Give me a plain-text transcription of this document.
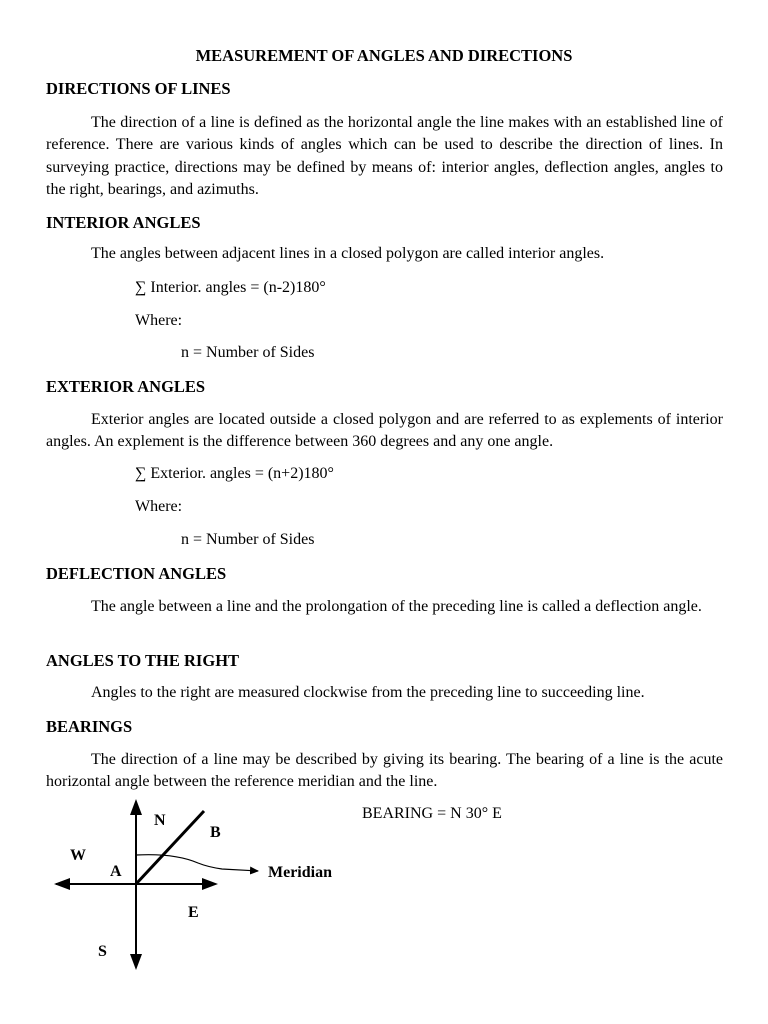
MEASUREMENT OF ANGLES AND DIRECTIONS
DIRECTIONS OF LINES

The direction of a line is defined as the horizontal angle the line makes with an established line of reference. There are various kinds of angles which can be used to describe the direction of lines. In surveying practice, directions may be defined by means of: interior angles, deflection angles, angles to the right, bearings, and azimuths.

INTERIOR ANGLES
The angles between adjacent lines in a closed polygon are called interior angles.
∑ Interior. angles = (n-2)180°
Where:
n = Number of Sides
EXTERIOR ANGLES

Exterior angles are located outside a closed polygon and are referred to as explements of interior angles. An explement is the difference between 360 degrees and any one angle.

∑ Exterior. angles = (n+2)180°
Where:
n = Number of Sides
DEFLECTION ANGLES

The angle between a line and the prolongation of the preceding line is called a deflection angle.

ANGLES TO THE RIGHT
Angles to the right are measured clockwise from the preceding line to succeeding line.
BEARINGS

The direction of a line may be described by giving its bearing. The bearing of a line is the acute horizontal angle between the reference meridian and the line.

BEARING = N 30° E
N
B
W
A	Meridian
E
S
